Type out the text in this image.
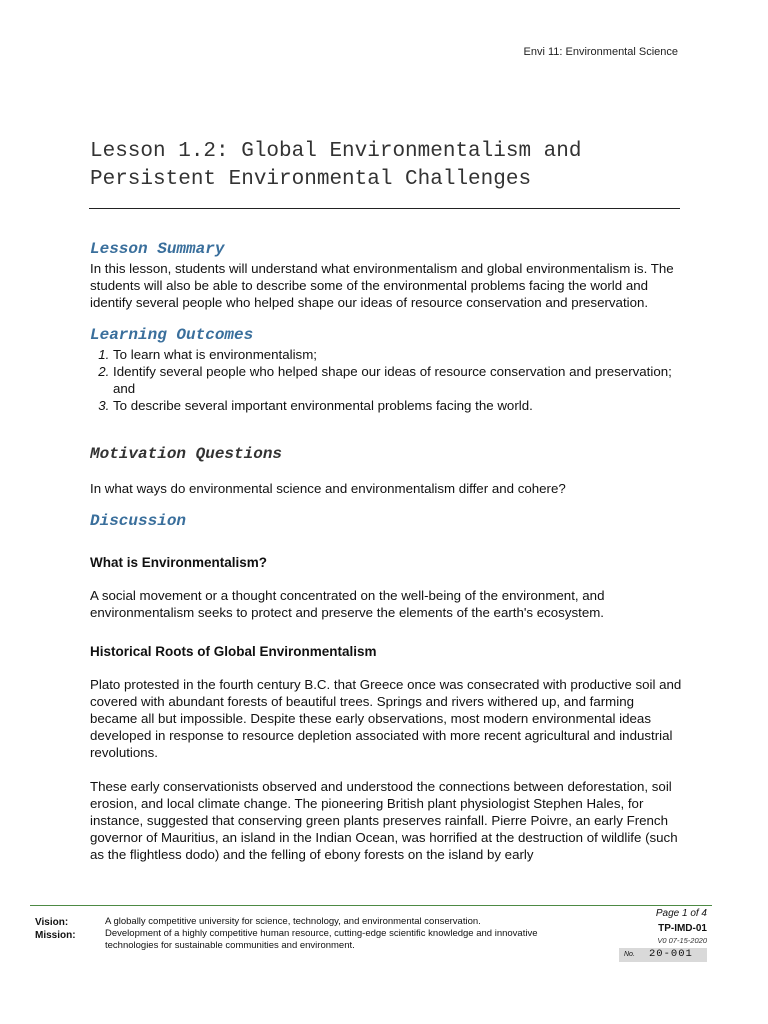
Envi 11: Environmental Science
Lesson 1.2: Global Environmentalism and Persistent Environmental Challenges
Lesson Summary

In this lesson, students will understand what environmentalism and global environmentalism is. The students will also be able to describe some of the environmental problems facing the world and identify several people who helped shape our ideas of resource conservation and preservation.

Learning Outcomes
1. To learn what is environmentalism;
2. Identify several people who helped shape our ideas of resource conservation and preservation; and
3. To describe several important environmental problems facing the world.
Motivation Questions

In what ways do environmental science and environmentalism differ and cohere?

Discussion
What is Environmentalism?

A social movement or a thought concentrated on the well-being of the environment, and environmentalism seeks to protect and preserve the elements of the earth's ecosystem.

Historical Roots of Global Environmentalism

Plato protested in the fourth century B.C. that Greece once was consecrated with productive soil and covered with abundant forests of beautiful trees. Springs and rivers withered up, and farming became all but impossible. Despite these early observations, most modern environmental ideas developed in response to resource depletion associated with more recent agricultural and industrial revolutions.

These early conservationists observed and understood the connections between deforestation, soil erosion, and local climate change. The pioneering British plant physiologist Stephen Hales, for instance, suggested that conserving green plants preserves rainfall. Pierre Poivre, an early French governor of Mauritius, an island in the Indian Ocean, was horrified at the destruction of wildlife (such as the flightless dodo) and the felling of ebony forests on the island by early

Vision:
Mission:
A globally competitive university for science, technology, and environmental conservation.
Development of a highly competitive human resource, cutting-edge scientific knowledge and innovative technologies for sustainable communities and environment.
Page 1 of 4
TP-IMD-01
V0 07-15-2020
No. 20-001
